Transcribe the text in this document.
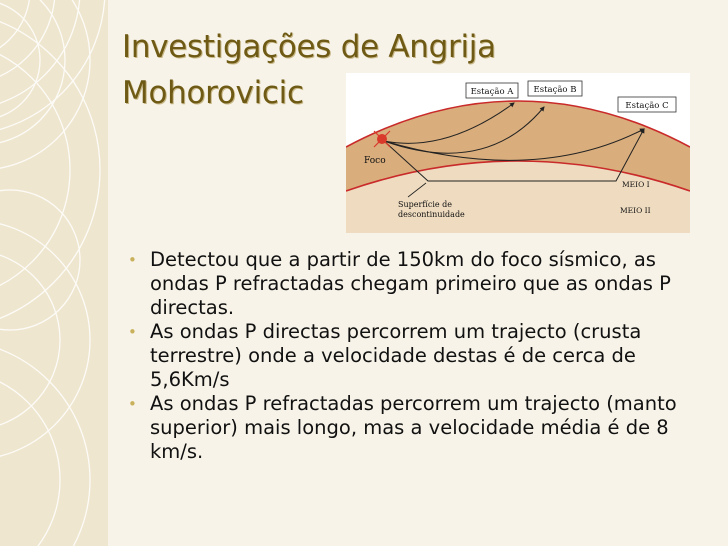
Investigações de Angrija
Mohorovicic	Estação A Estação B
Estação C
Foco
Superfície de
descontinuidade
MEIO I
MEIO II
• Detectou que a partir de 150km do foco sísmico, as ondas P refractadas chegam primeiro que as ondas P directas.
• As ondas P directas percorrem um trajecto (crusta terrestre) onde a velocidade destas é de cerca de 5,6Km/s
• As ondas P refractadas percorrem um trajecto (manto superior) mais longo, mas a velocidade média é de 8 km/s.
